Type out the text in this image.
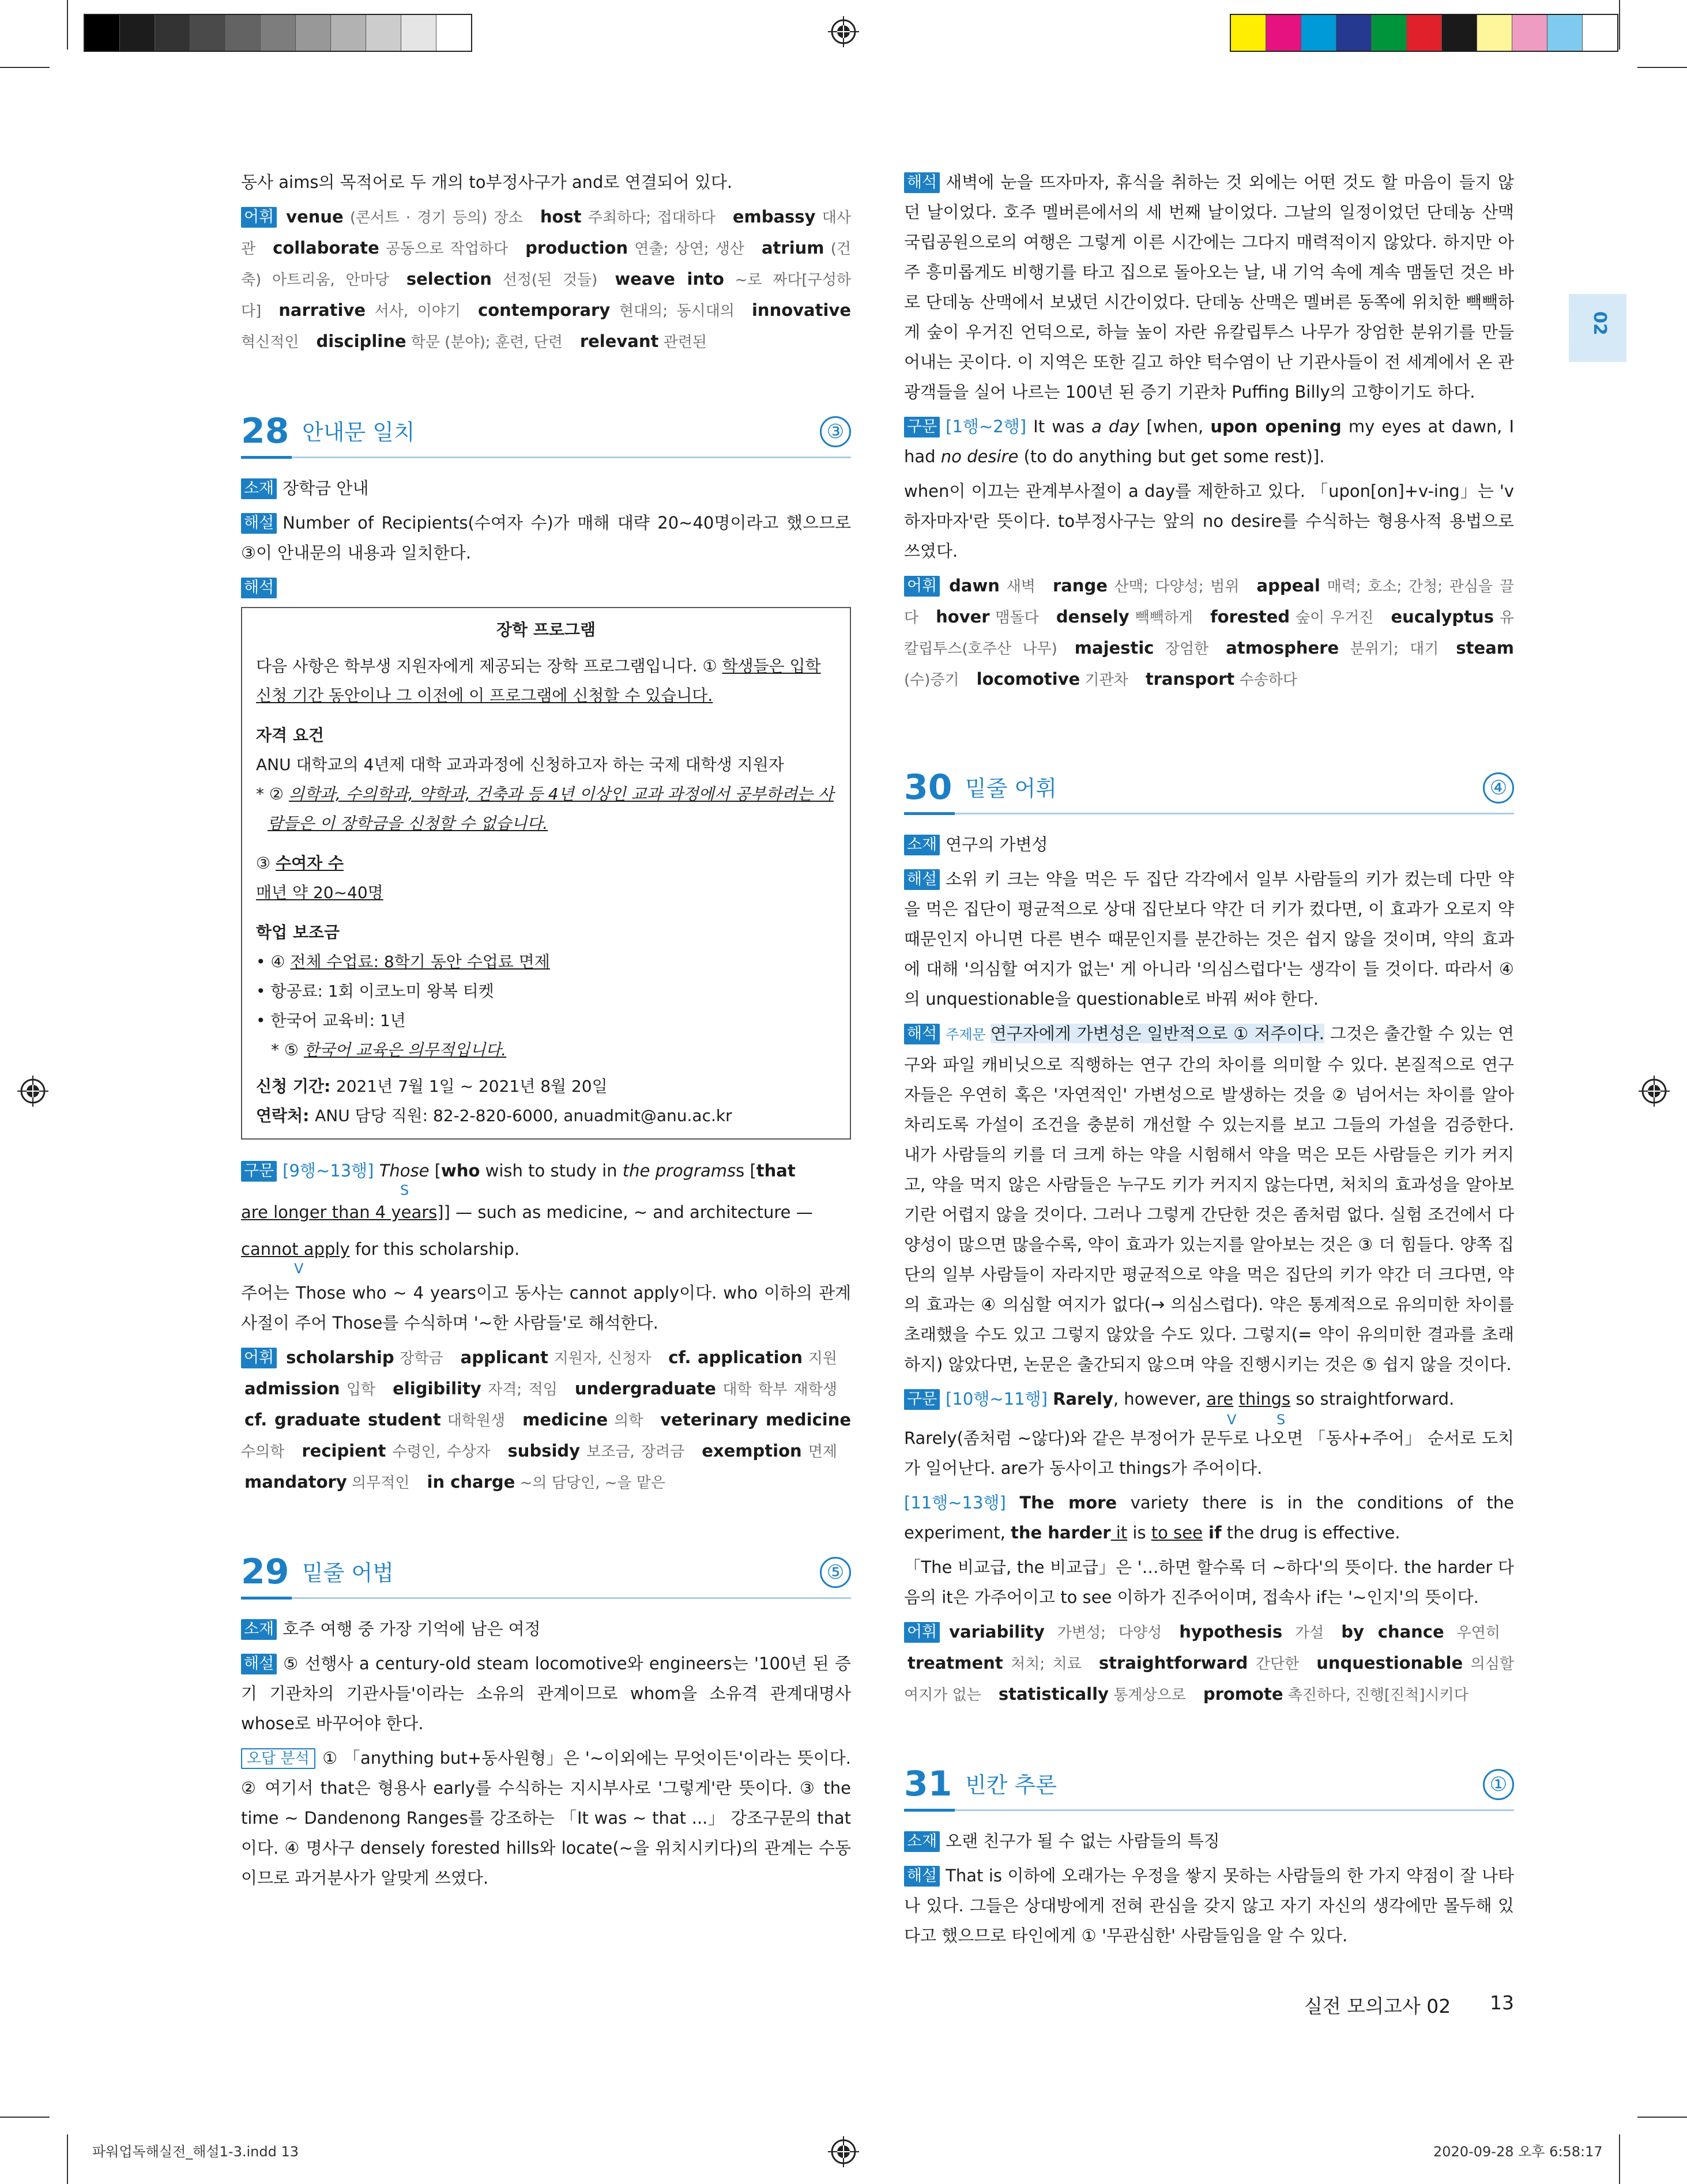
02

동사 aims의 목적어로 두 개의 to부정사구가 and로 연결되어 있다.

어휘 venue (콘서트 · 경기 등의) 장소 host 주최하다; 접대하다 embassy 대사관 collaborate 공동으로 작업하다 production 연출; 상연; 생산 atrium (건축) 아트리움, 안마당 selection 선정(된 것들) weave into ~로 짜다[구성하다] narrative 서사, 이야기 contemporary 현대의; 동시대의 innovative 혁신적인 discipline 학문 (분야); 훈련, 단련 relevant 관련된

28 안내문 일치	③

소재 장학금 안내

해설 Number of Recipients(수여자 수)가 매해 대략 20~40명이라고 했으므로 ③이 안내문의 내용과 일치한다.

해석

장학 프로그램

다음 사항은 학부생 지원자에게 제공되는 장학 프로그램입니다. ① 학생들은 입학 신청 기간 동안이나 그 이전에 이 프로그램에 신청할 수 있습니다.

자격 요건

ANU 대학교의 4년제 대학 교과과정에 신청하고자 하는 국제 대학생 지원자

* ② 의학과, 수의학과, 약학과, 건축과 등 4년 이상인 교과 과정에서 공부하려는 사람들은 이 장학금을 신청할 수 없습니다.

③ 수여자 수

매년 약 20~40명

학업 보조금

• ④ 전체 수업료: 8학기 동안 수업료 면제

• 항공료: 1회 이코노미 왕복 티켓

• 한국어 교육비: 1년

* ⑤ 한국어 교육은 의무적입니다.

신청 기간: 2021년 7월 1일 ~ 2021년 8월 20일

연락처: ANU 담당 직원: 82-2-820-6000, anuadmit@anu.ac.kr

구문 [9행~13행] Those [who wish to study in the programss [that
S

are longer than 4 years]] — such as medicine, ~ and architecture —

cannot apply for this scholarship.
V

주어는 Those who ~ 4 years이고 동사는 cannot apply이다. who 이하의 관계사절이 주어 Those를 수식하며 '~한 사람들'로 해석한다.

어휘 scholarship 장학금 applicant 지원자, 신청자 cf. application 지원admission 입학 eligibility 자격; 적임 undergraduate 대학 학부 재학생cf. graduate student 대학원생 medicine 의학 veterinary medicine 수의학 recipient 수령인, 수상자 subsidy 보조금, 장려금 exemption 면제mandatory 의무적인 in charge ~의 담당인, ~을 맡은

29 밑줄 어법	⑤

소재 호주 여행 중 가장 기억에 남은 여정

해설 ⑤ 선행사 a century-old steam locomotive와 engineers는 '100년 된 증기 기관차의 기관사들'이라는 소유의 관계이므로 whom을 소유격 관계대명사 whose로 바꾸어야 한다.

오답 분석 ① 「anything but+동사원형」은 '~이외에는 무엇이든'이라는 뜻이다. ② 여기서 that은 형용사 early를 수식하는 지시부사로 '그렇게'란 뜻이다. ③ the time ~ Dandenong Ranges를 강조하는 「It was ~ that ...」 강조구문의 that이다. ④ 명사구 densely forested hills와 locate(~을 위치시키다)의 관계는 수동이므로 과거분사가 알맞게 쓰였다.

해석 새벽에 눈을 뜨자마자, 휴식을 취하는 것 외에는 어떤 것도 할 마음이 들지 않던 날이었다. 호주 멜버른에서의 세 번째 날이었다. 그날의 일정이었던 단데농 산맥 국립공원으로의 여행은 그렇게 이른 시간에는 그다지 매력적이지 않았다. 하지만 아주 흥미롭게도 비행기를 타고 집으로 돌아오는 날, 내 기억 속에 계속 맴돌던 것은 바로 단데농 산맥에서 보냈던 시간이었다. 단데농 산맥은 멜버른 동쪽에 위치한 빽빽하게 숲이 우거진 언덕으로, 하늘 높이 자란 유칼립투스 나무가 장엄한 분위기를 만들어내는 곳이다. 이 지역은 또한 길고 하얀 턱수염이 난 기관사들이 전 세계에서 온 관광객들을 실어 나르는 100년 된 증기 기관차 Puffing Billy의 고향이기도 하다.

구문 [1행~2행] It was a day [when, upon opening my eyes at dawn, I had no desire (to do anything but get some rest)].

when이 이끄는 관계부사절이 a day를 제한하고 있다. 「upon[on]+v-ing」는 'v하자마자'란 뜻이다. to부정사구는 앞의 no desire를 수식하는 형용사적 용법으로 쓰였다.

어휘 dawn 새벽 range 산맥; 다양성; 범위 appeal 매력; 호소; 간청; 관심을 끌다 hover 맴돌다 densely 빽빽하게 forested 숲이 우거진 eucalyptus 유칼립투스(호주산 나무) majestic 장엄한 atmosphere 분위기; 대기 steam (수)증기 locomotive 기관차 transport 수송하다

30 밑줄 어휘	④

소재 연구의 가변성

해설 소위 키 크는 약을 먹은 두 집단 각각에서 일부 사람들의 키가 컸는데 다만 약을 먹은 집단이 평균적으로 상대 집단보다 약간 더 키가 컸다면, 이 효과가 오로지 약 때문인지 아니면 다른 변수 때문인지를 분간하는 것은 쉽지 않을 것이며, 약의 효과에 대해 '의심할 여지가 없는' 게 아니라 '의심스럽다'는 생각이 들 것이다. 따라서 ④의 unquestionable을 questionable로 바꿔 써야 한다.

해석 주제문 연구자에게 가변성은 일반적으로 ① 저주이다. 그것은 출간할 수 있는 연구와 파일 캐비닛으로 직행하는 연구 간의 차이를 의미할 수 있다. 본질적으로 연구자들은 우연히 혹은 '자연적인' 가변성으로 발생하는 것을 ② 넘어서는 차이를 알아차리도록 가설이 조건을 충분히 개선할 수 있는지를 보고 그들의 가설을 검증한다. 내가 사람들의 키를 더 크게 하는 약을 시험해서 약을 먹은 모든 사람들은 키가 커지고, 약을 먹지 않은 사람들은 누구도 키가 커지지 않는다면, 처치의 효과성을 알아보기란 어렵지 않을 것이다. 그러나 그렇게 간단한 것은 좀처럼 없다. 실험 조건에서 다양성이 많으면 많을수록, 약이 효과가 있는지를 알아보는 것은 ③ 더 힘들다. 양쪽 집단의 일부 사람들이 자라지만 평균적으로 약을 먹은 집단의 키가 약간 더 크다면, 약의 효과는 ④ 의심할 여지가 없다(→ 의심스럽다). 약은 통계적으로 유의미한 차이를 초래했을 수도 있고 그렇지 않았을 수도 있다. 그렇지(= 약이 유의미한 결과를 초래하지) 않았다면, 논문은 출간되지 않으며 약을 진행시키는 것은 ⑤ 쉽지 않을 것이다.

구문 [10행~11행] Rarely, however, are things so straightforward.
V	S

Rarely(좀처럼 ~않다)와 같은 부정어가 문두로 나오면 「동사+주어」 순서로 도치가 일어난다. are가 동사이고 things가 주어이다.

[11행~13행] The more variety there is in the conditions of the experiment, the harder it is to see if the drug is effective.

「The 비교급, the 비교급」은 '…하면 할수록 더 ~하다'의 뜻이다. the harder 다음의 it은 가주어이고 to see 이하가 진주어이며, 접속사 if는 '~인지'의 뜻이다.

어휘 variability 가변성; 다양성 hypothesis 가설 by chance 우연히treatment 처치; 치료 straightforward 간단한 unquestionable 의심할 여지가 없는 statistically 통계상으로 promote 촉진하다, 진행[진척]시키다

31 빈칸 추론	①

소재 오랜 친구가 될 수 없는 사람들의 특징

해설 That is 이하에 오래가는 우정을 쌓지 못하는 사람들의 한 가지 약점이 잘 나타나 있다. 그들은 상대방에게 전혀 관심을 갖지 않고 자기 자신의 생각에만 몰두해 있다고 했으므로 타인에게 ① '무관심한' 사람들임을 알 수 있다.

실전 모의고사 02 13
파워업독해실전_해설1-3.indd 13	2020-09-28 오후 6:58:17
